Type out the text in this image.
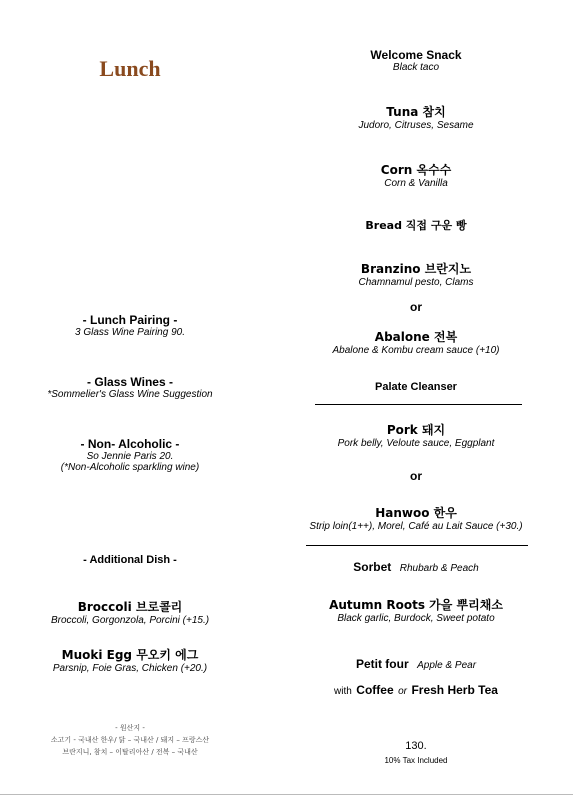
Lunch
- Lunch Pairing -
3 Glass Wine Pairing 90.
- Glass Wines -
*Sommelier's Glass Wine Suggestion
- Non- Alcoholic -
So Jennie Paris 20.
(*Non-Alcoholic sparkling wine)
- Additional Dish -
Broccoli 브로콜리
Broccoli, Gorgonzola, Porcini (+15.)
Muoki Egg 무오키 에그
Parsnip, Foie Gras, Chicken (+20.)
- 원산지 -
소고기 - 국내산 한우/ 닭 – 국내산 / 돼지 – 프랑스산
브란지니, 참치 – 이탈리아산 / 전복 – 국내산
Welcome Snack
Black taco
Tuna 참치
Judoro, Citruses, Sesame
Corn 옥수수
Corn & Vanilla
Bread 직접 구운 빵
Branzino 브란지노
Chamnamul pesto, Clams
or
Abalone 전복
Abalone & Kombu cream sauce (+10)
Palate Cleanser
Pork 돼지
Pork belly, Veloute sauce, Eggplant
or
Hanwoo 한우
Strip loin(1++), Morel, Café au Lait Sauce (+30.)
Sorbet Rhubarb & Peach
Autumn Roots 가을 뿌리채소
Black garlic, Burdock, Sweet potato
Petit four Apple & Pear
with Coffee or Fresh Herb Tea
130.
10% Tax Included
